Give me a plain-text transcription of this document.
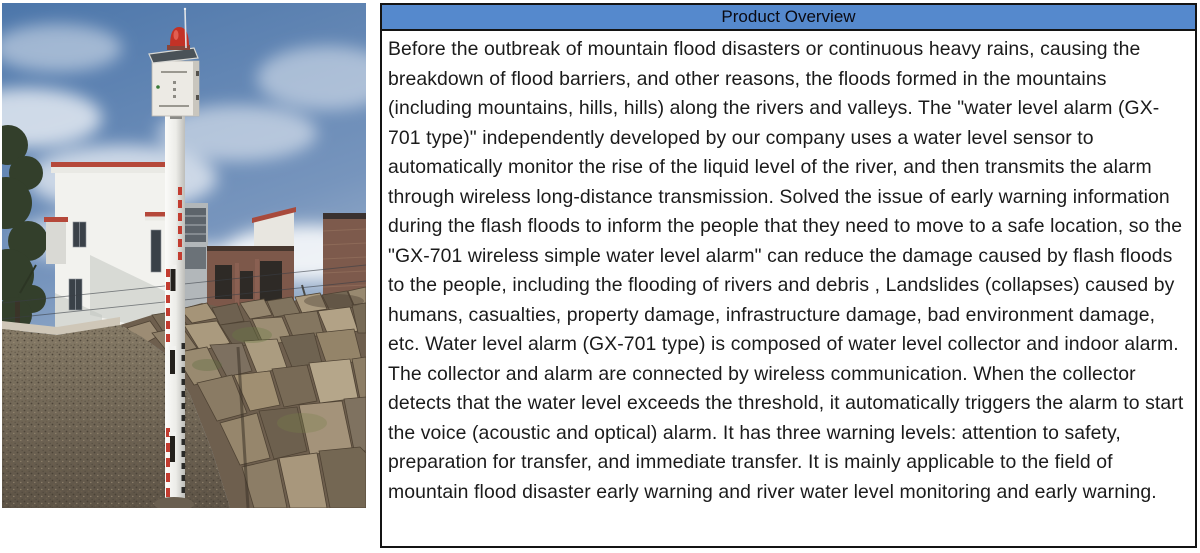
Product Overview
Before the outbreak of mountain flood disasters or continuous heavy rains, causing the breakdown of flood barriers, and other reasons, the floods formed in the mountains (including mountains, hills, hills) along the rivers and valleys. The "water level alarm (GX-701 type)" independently developed by our company uses a water level sensor to automatically monitor the rise of the liquid level of the river, and then transmits the alarm through wireless long-distance transmission. Solved the issue of early warning information during the flash floods to inform the people that they need to move to a safe location, so the "GX-701 wireless simple water level alarm" can reduce the damage caused by flash floods to the people, including the flooding of rivers and debris , Landslides (collapses) caused by humans, casualties, property damage, infrastructure damage, bad environment damage, etc. Water level alarm (GX-701 type) is composed of water level collector and indoor alarm. The collector and alarm are connected by wireless communication. When the collector detects that the water level exceeds the threshold, it automatically triggers the alarm to start the voice (acoustic and optical) alarm. It has three warning levels: attention to safety, preparation for transfer, and immediate transfer. It is mainly applicable to the field of mountain flood disaster early warning and river water level monitoring and early warning.
